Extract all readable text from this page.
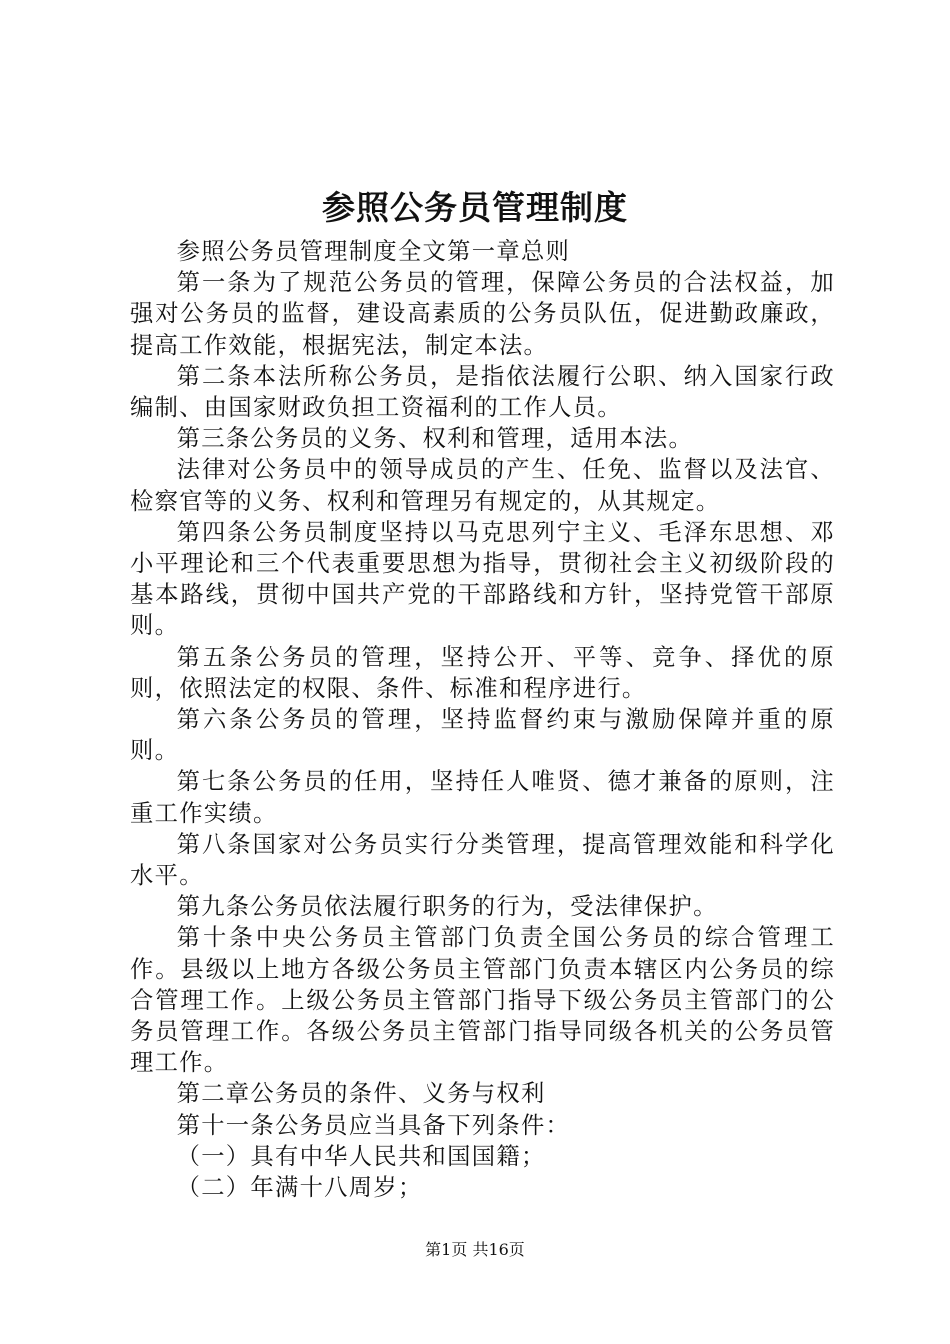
参照公务员管理制度

参照公务员管理制度全文第一章总则

第一条为了规范公务员的管理，保障公务员的合法权益，加强对公务员的监督，建设高素质的公务员队伍，促进勤政廉政，提高工作效能，根据宪法，制定本法。

第二条本法所称公务员，是指依法履行公职、纳入国家行政编制、由国家财政负担工资福利的工作人员。

第三条公务员的义务、权利和管理，适用本法。

法律对公务员中的领导成员的产生、任免、监督以及法官、检察官等的义务、权利和管理另有规定的，从其规定。

第四条公务员制度坚持以马克思列宁主义、毛泽东思想、邓小平理论和三个代表重要思想为指导，贯彻社会主义初级阶段的基本路线，贯彻中国共产党的干部路线和方针，坚持党管干部原则。

第五条公务员的管理，坚持公开、平等、竞争、择优的原则，依照法定的权限、条件、标准和程序进行。

第六条公务员的管理，坚持监督约束与激励保障并重的原则。

第七条公务员的任用，坚持任人唯贤、德才兼备的原则，注重工作实绩。

第八条国家对公务员实行分类管理，提高管理效能和科学化水平。

第九条公务员依法履行职务的行为，受法律保护。

第十条中央公务员主管部门负责全国公务员的综合管理工作。县级以上地方各级公务员主管部门负责本辖区内公务员的综合管理工作。上级公务员主管部门指导下级公务员主管部门的公务员管理工作。各级公务员主管部门指导同级各机关的公务员管理工作。

第二章公务员的条件、义务与权利

第十一条公务员应当具备下列条件：

（一）具有中华人民共和国国籍；

（二）年满十八周岁；

第1页 共16页
